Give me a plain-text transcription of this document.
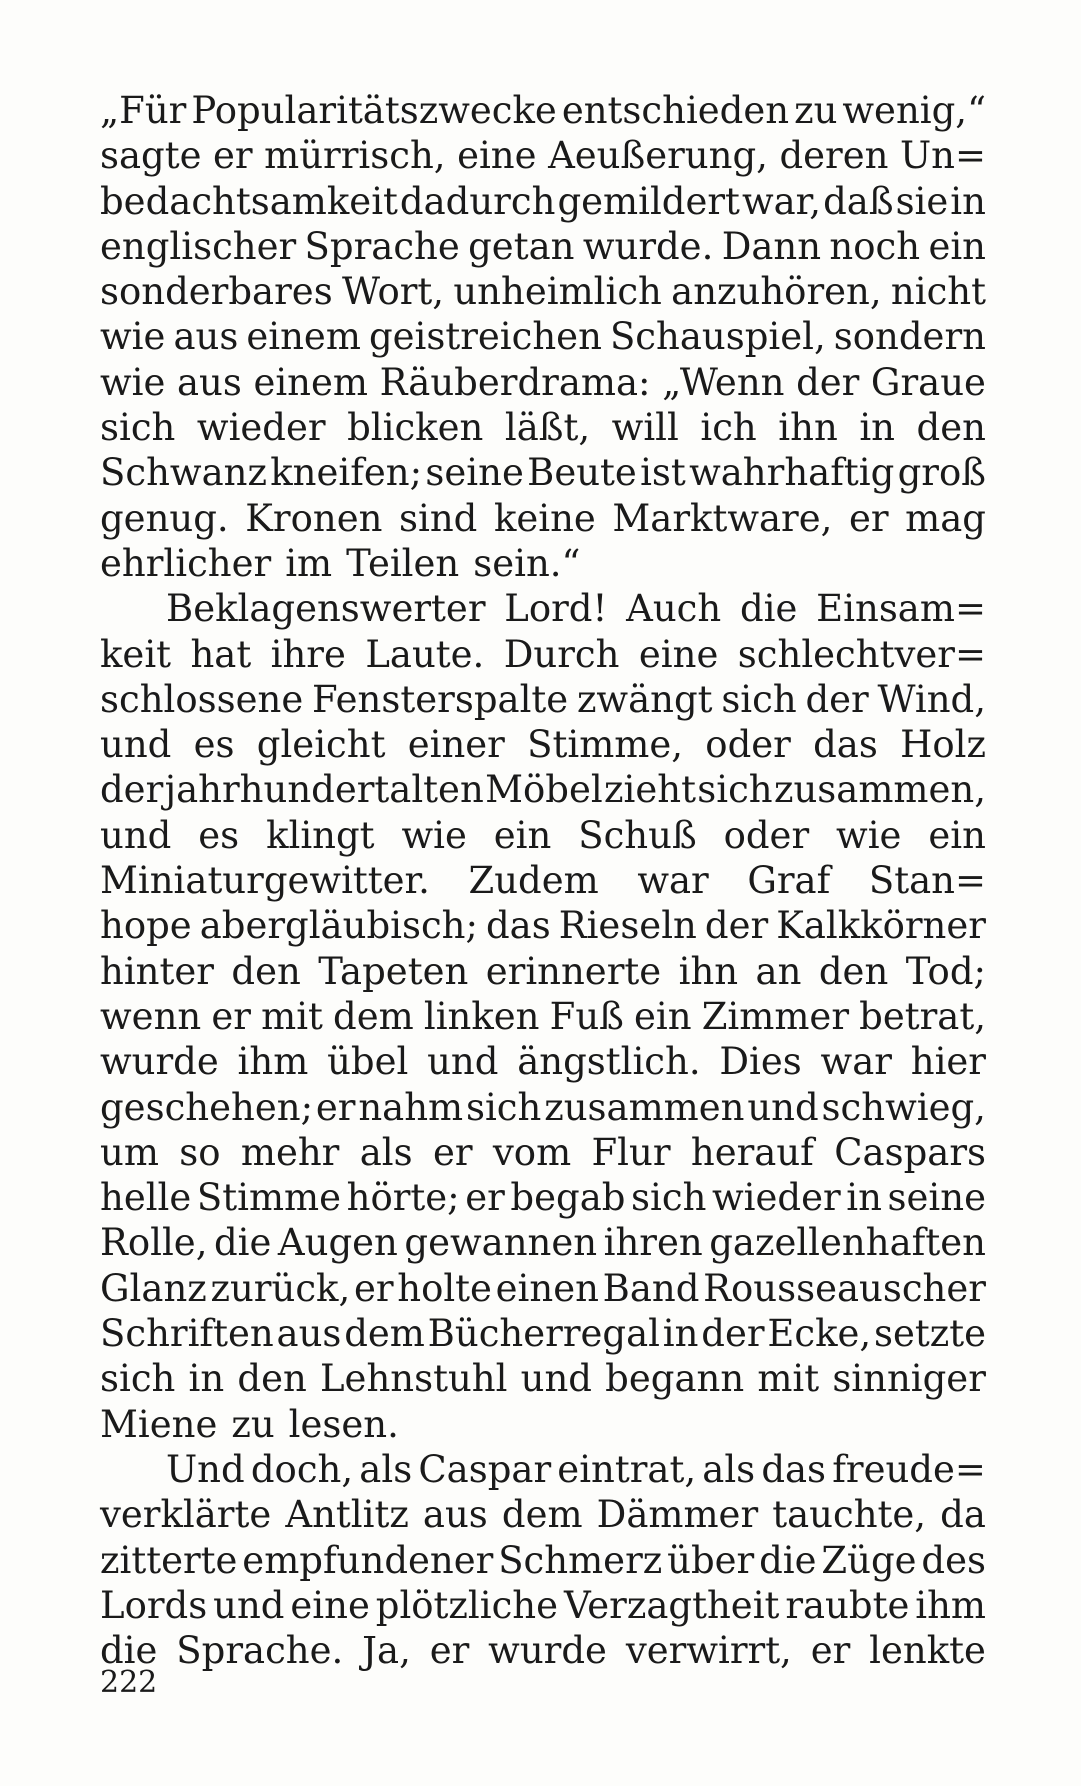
„Für Popularitätszwecke entschieden zu wenig,“
sagte er mürrisch, eine Aeußerung, deren Un=
bedachtsamkeit dadurch gemildert war, daß sie in
englischer Sprache getan wurde. Dann noch ein
sonderbares Wort, unheimlich anzuhören, nicht
wie aus einem geistreichen Schauspiel, sondern
wie aus einem Räuberdrama: „Wenn der Graue
sich wieder blicken läßt, will ich ihn in den
Schwanz kneifen; seine Beute ist wahrhaftig groß
genug. Kronen sind keine Marktware, er mag
ehrlicher im Teilen sein.“
Beklagenswerter Lord! Auch die Einsam=
keit hat ihre Laute. Durch eine schlechtver=
schlossene Fensterspalte zwängt sich der Wind,
und es gleicht einer Stimme, oder das Holz
der jahrhundertalten Möbel zieht sich zusammen,
und es klingt wie ein Schuß oder wie ein
Miniaturgewitter. Zudem war Graf Stan=
hope abergläubisch; das Rieseln der Kalkkörner
hinter den Tapeten erinnerte ihn an den Tod;
wenn er mit dem linken Fuß ein Zimmer betrat,
wurde ihm übel und ängstlich. Dies war hier
geschehen; er nahm sich zusammen und schwieg,
um so mehr als er vom Flur herauf Caspars
helle Stimme hörte; er begab sich wieder in seine
Rolle, die Augen gewannen ihren gazellenhaften
Glanz zurück, er holte einen Band Rousseauscher
Schriften aus dem Bücherregal in der Ecke, setzte
sich in den Lehnstuhl und begann mit sinniger
Miene zu lesen.
Und doch, als Caspar eintrat, als das freude=
verklärte Antlitz aus dem Dämmer tauchte, da
zitterte empfundener Schmerz über die Züge des
Lords und eine plötzliche Verzagtheit raubte ihm
die Sprache. Ja, er wurde verwirrt, er lenkte
222
